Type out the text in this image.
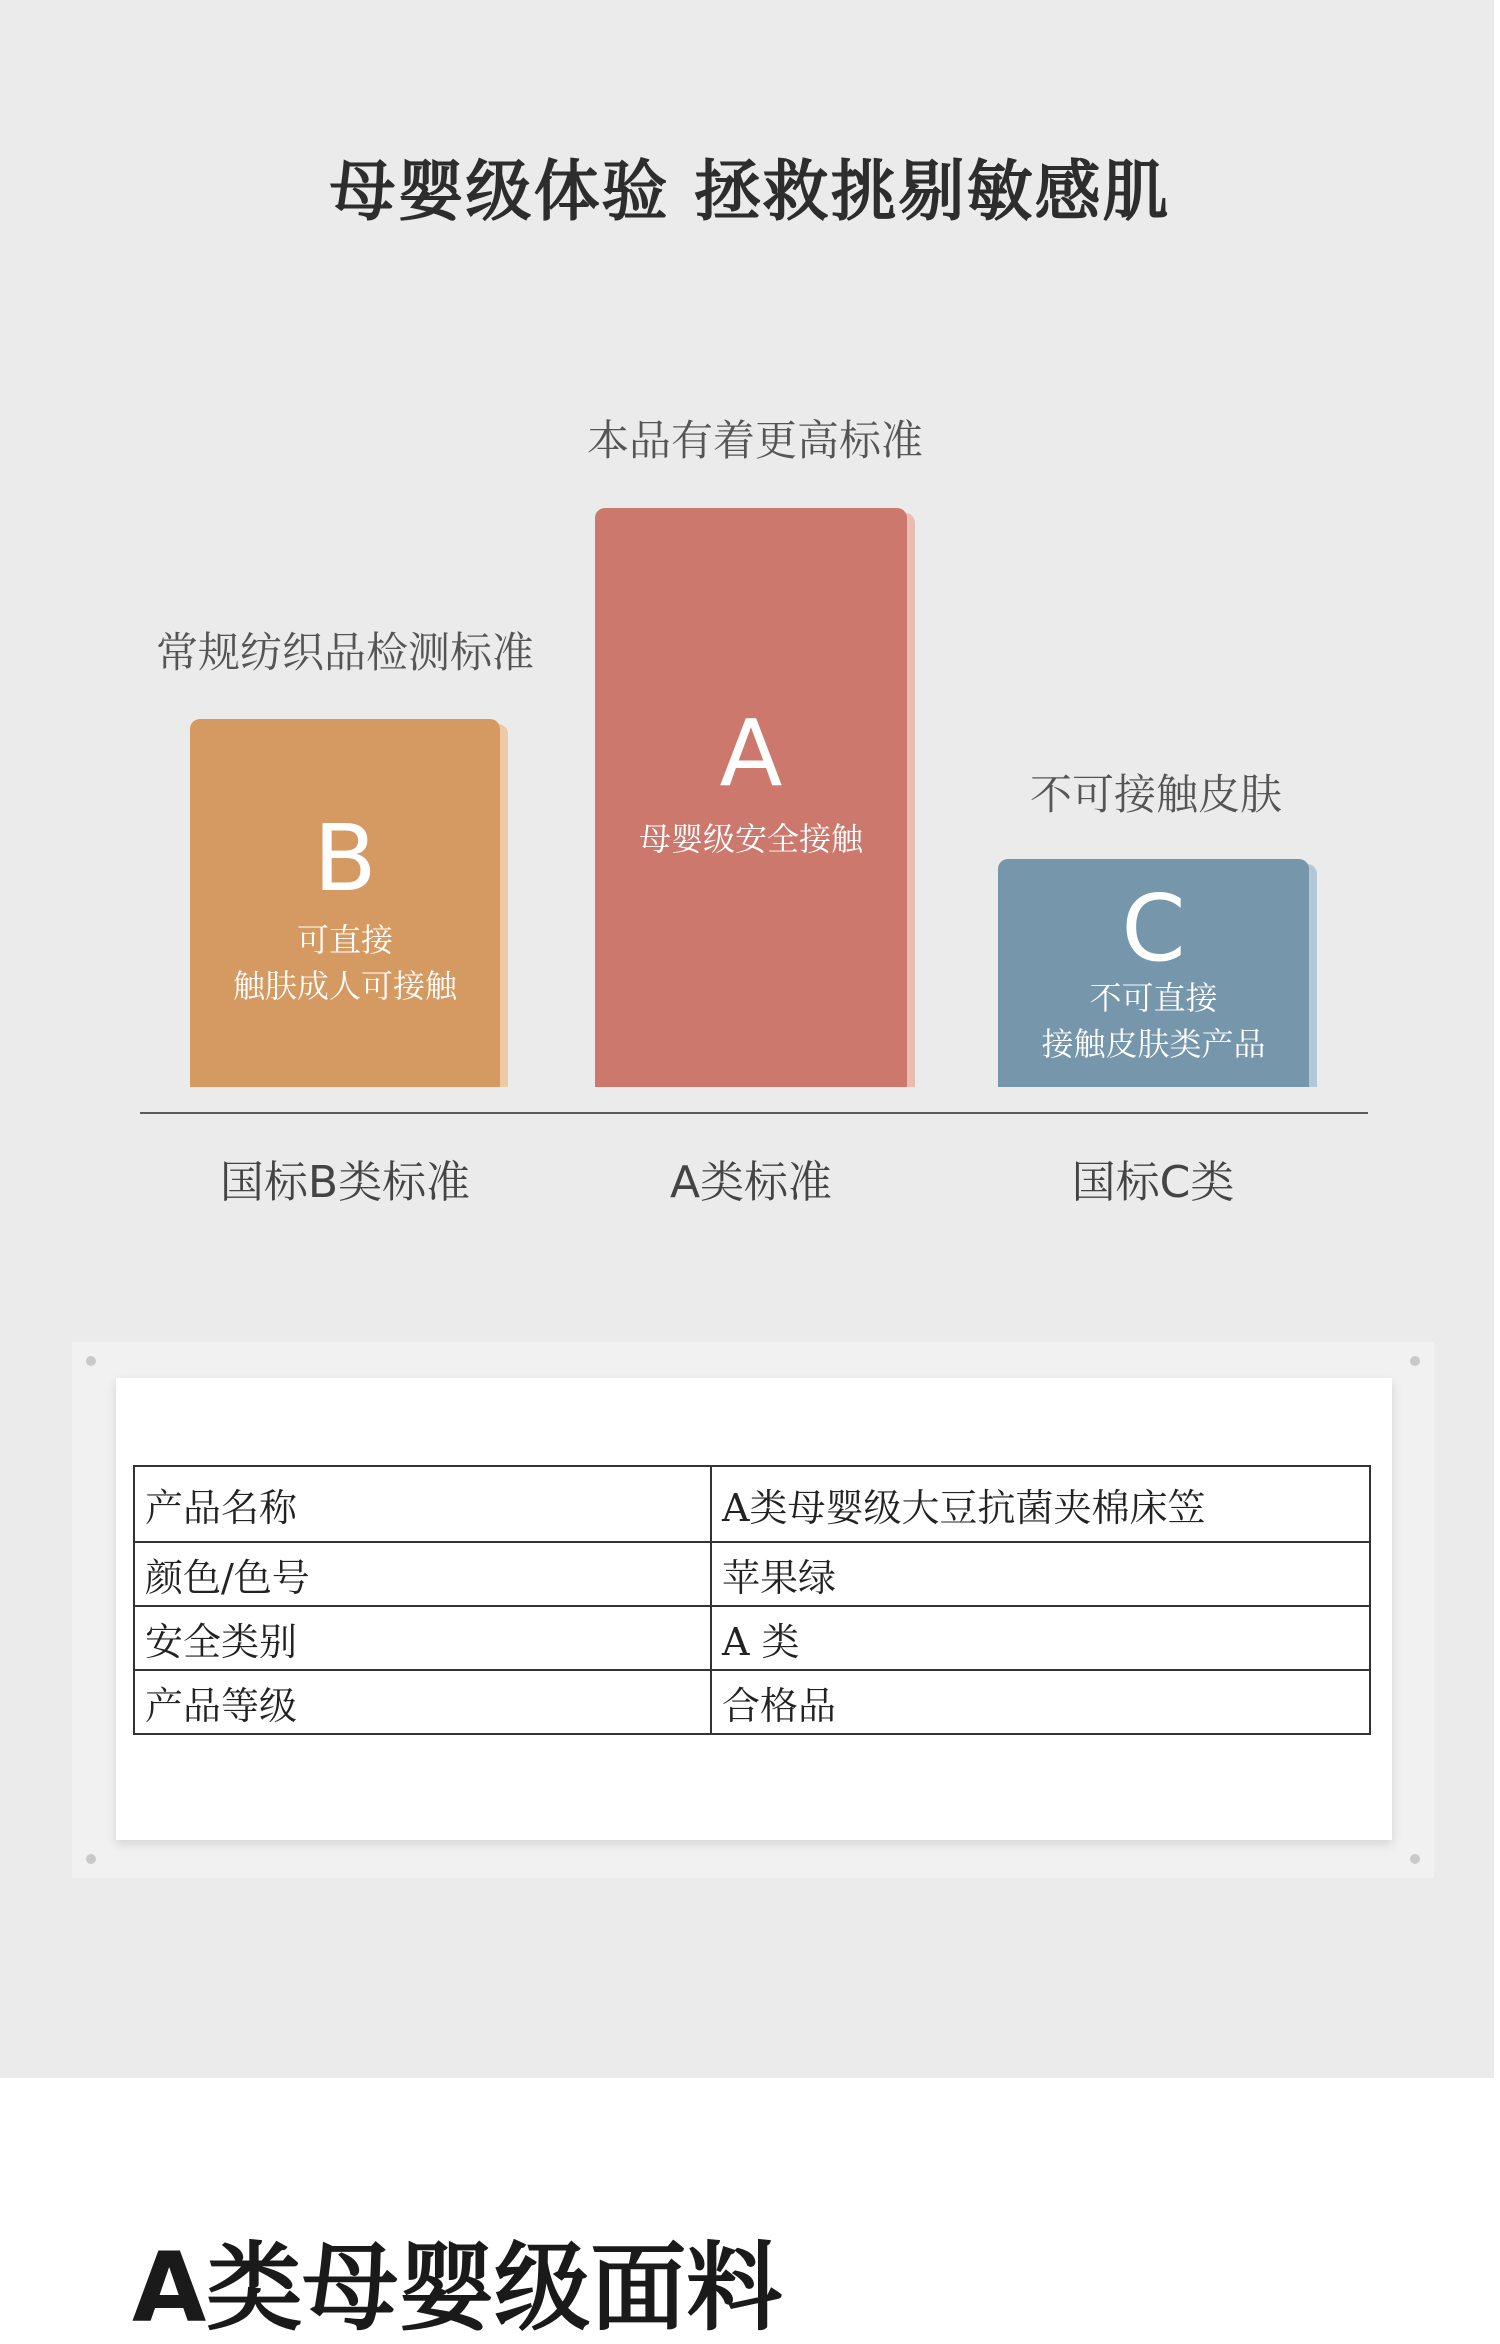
母婴级体验 拯救挑剔敏感肌
常规纺织品检测标准
B
可直接
触肤成人可接触
本品有着更高标准
A
母婴级安全接触
不可接触皮肤
C
不可直接
接触皮肤类产品
国标B类标准	A类标准	国标C类
产品名称	A类母婴级大豆抗菌夹棉床笠
颜色/色号	苹果绿
安全类别	A 类
产品等级	合格品
A类母婴级面料
